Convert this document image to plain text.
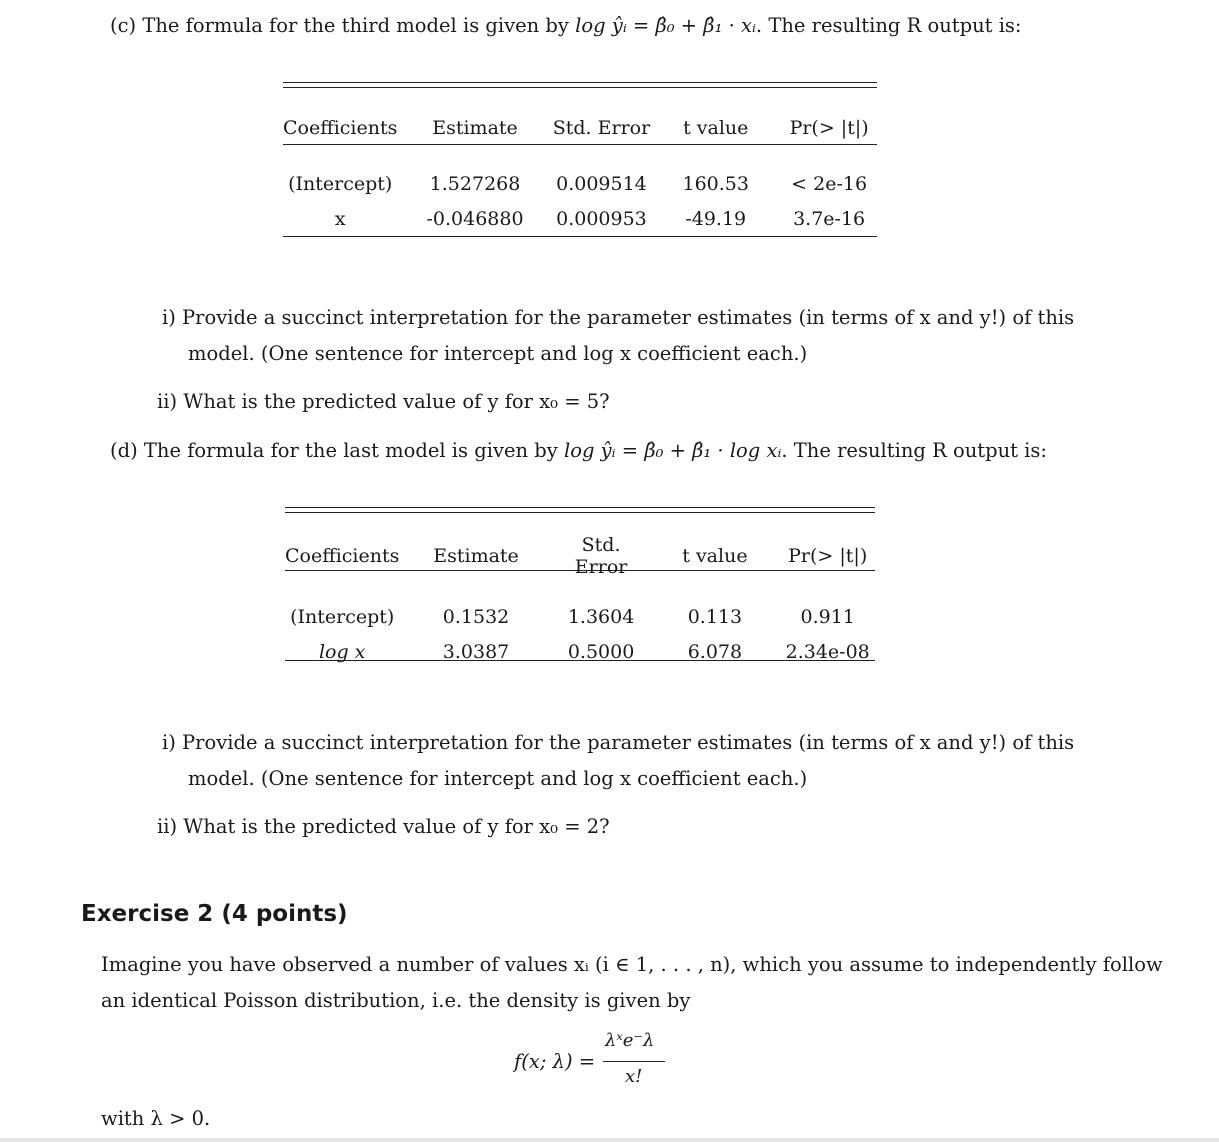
(c) The formula for the third model is given by log ŷᵢ = β̂₀ + β̂₁ · xᵢ. The resulting R output is:
Coefficients	Estimate	Std. Error	t value	Pr(> |t|)

(Intercept)	1.527268	0.009514	160.53	< 2e-16
x	-0.046880	0.000953	-49.19	3.7e-16
i) Provide a succinct interpretation for the parameter estimates (in terms of x and y!) of this
model. (One sentence for intercept and log x coefficient each.)
ii) What is the predicted value of y for x₀ = 5?
(d) The formula for the last model is given by log ŷᵢ = β̂₀ + β̂₁ · log xᵢ. The resulting R output is:
Coefficients	Estimate	Std. Error	t value	Pr(> |t|)

(Intercept)	0.1532	1.3604	0.113	0.911
log x	3.0387	0.5000	6.078	2.34e-08
i) Provide a succinct interpretation for the parameter estimates (in terms of x and y!) of this
model. (One sentence for intercept and log x coefficient each.)
ii) What is the predicted value of y for x₀ = 2?
Exercise 2 (4 points)
Imagine you have observed a number of values xᵢ (i ∈ 1, . . . , n), which you assume to independently follow
an identical Poisson distribution, i.e. the density is given by
f(x; λ) =
λˣe⁻λ
x!
with λ > 0.
